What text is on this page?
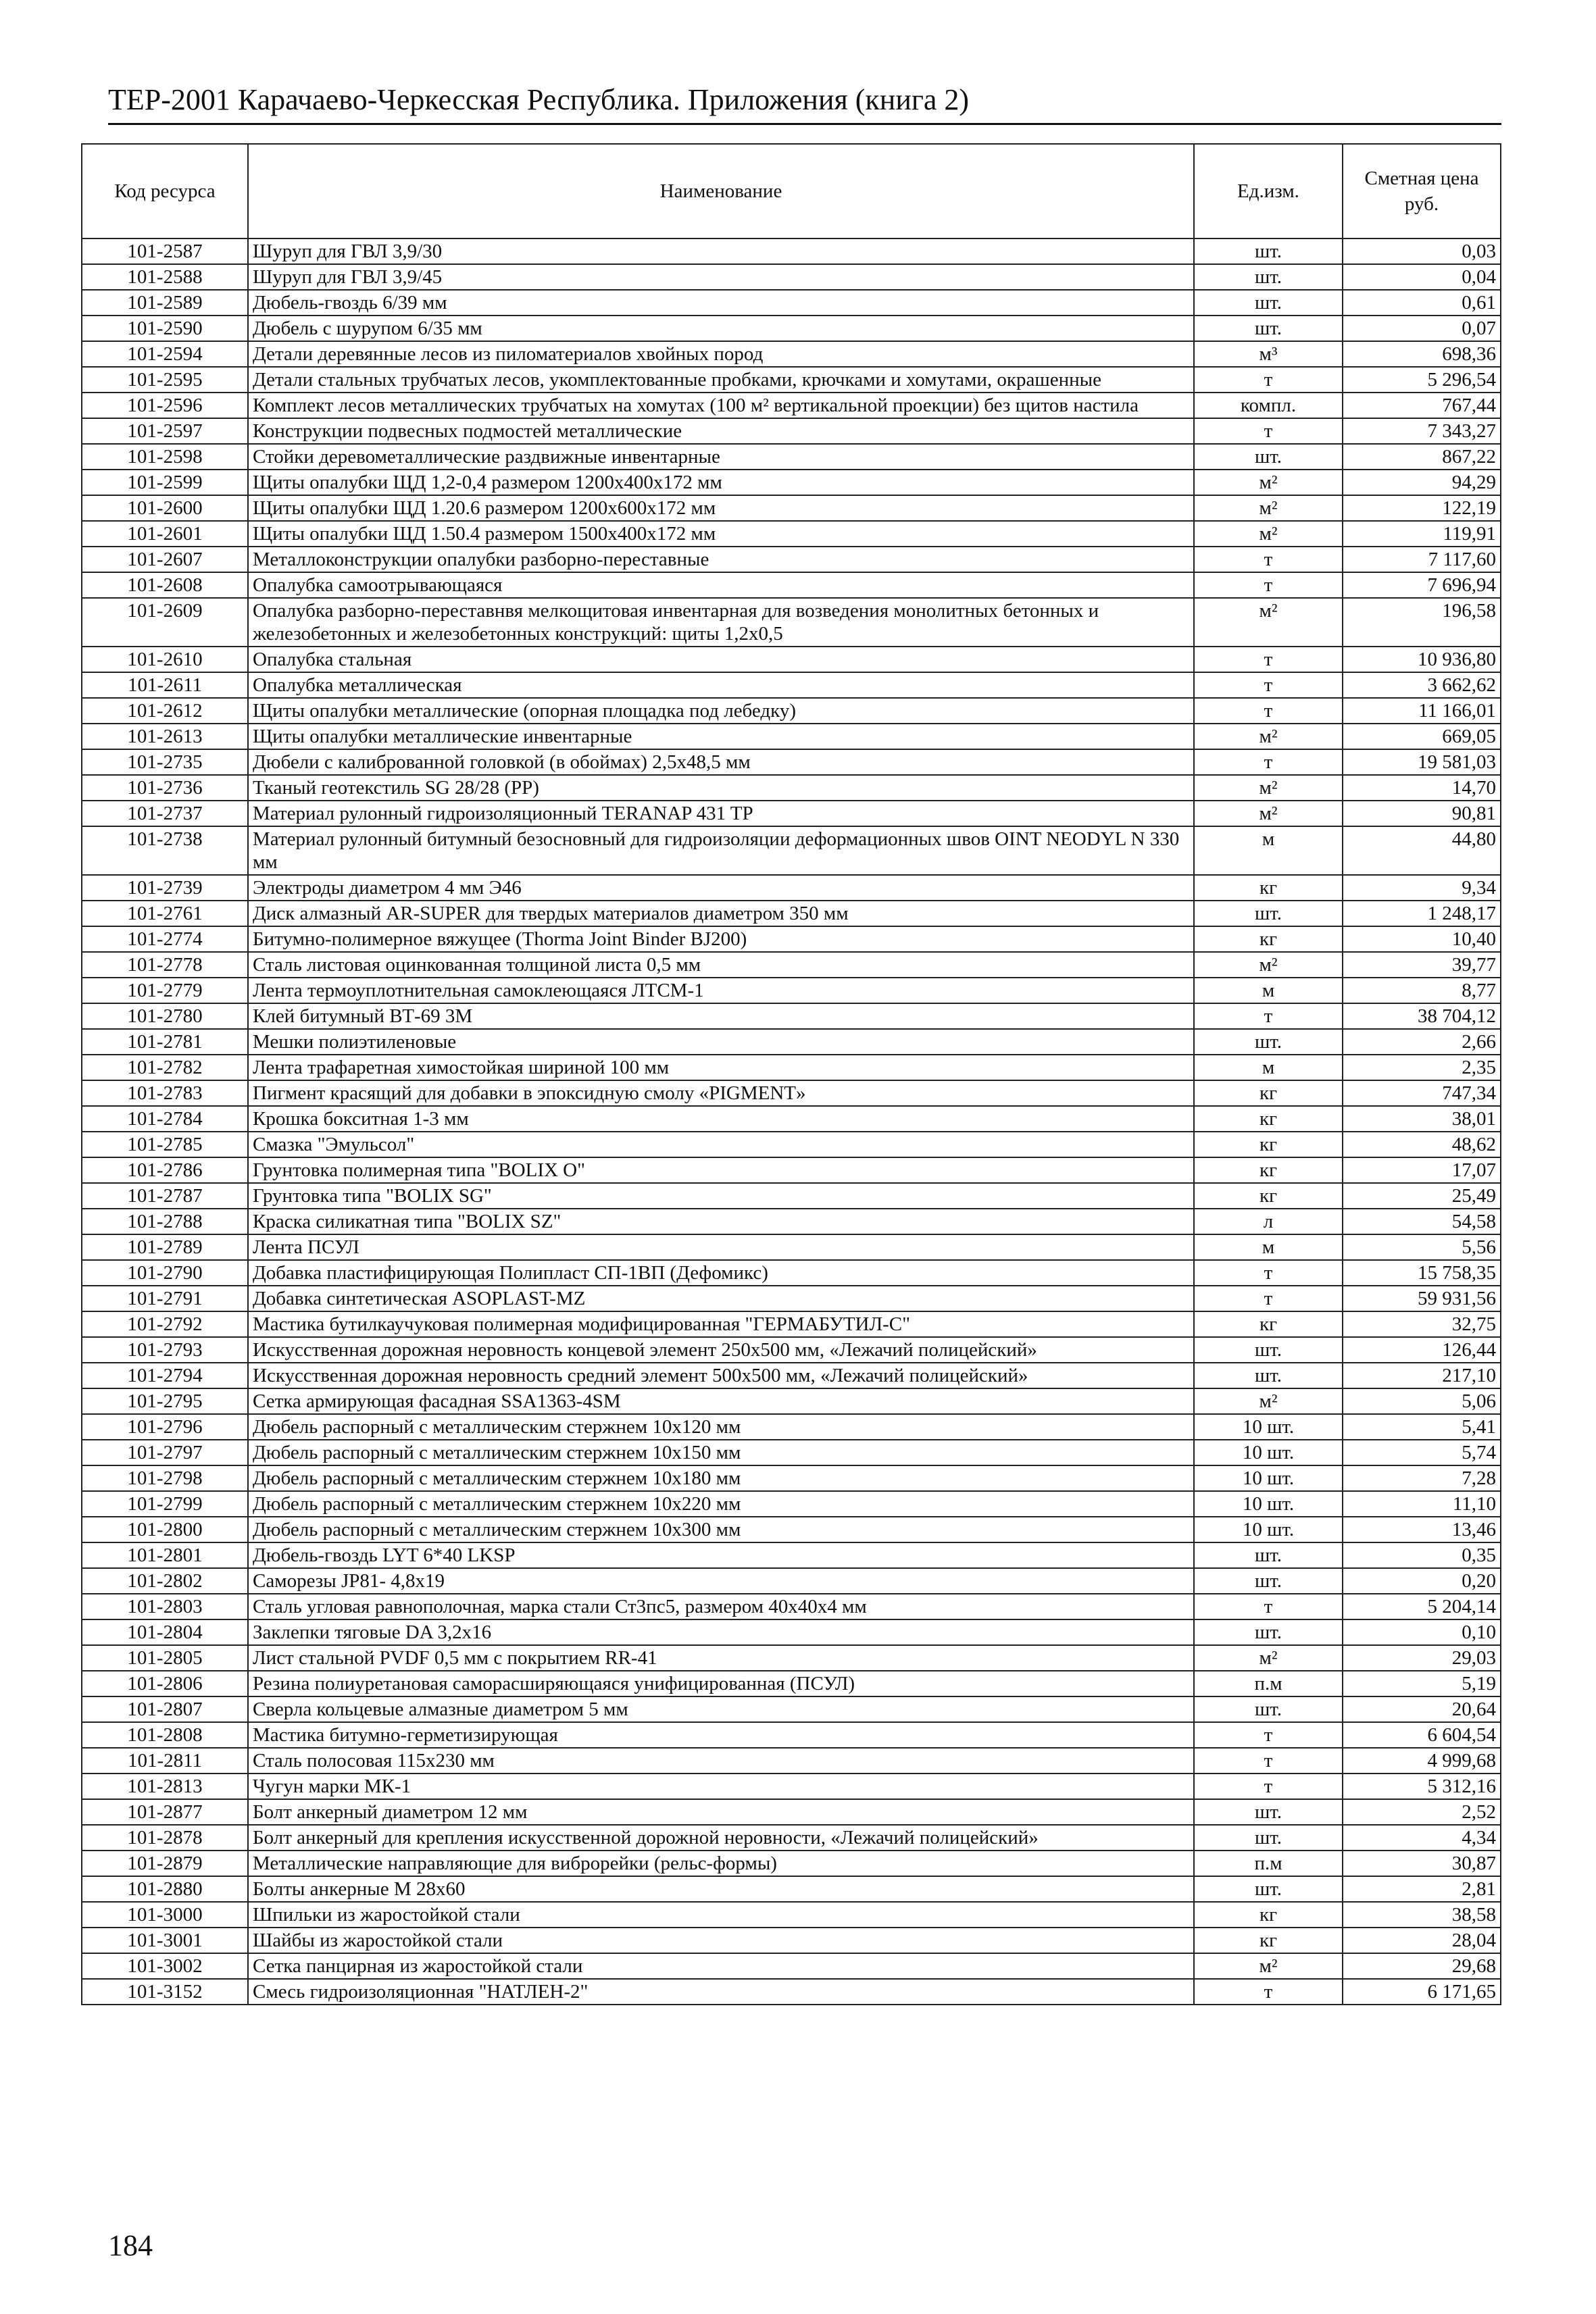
ТЕР-2001 Карачаево-Черкесская Республика. Приложения (книга 2)
Код ресурса	Наименование	Ед.изм.	Сметная цена руб.
101-2587	Шуруп для ГВЛ 3,9/30	шт.	0,03
101-2588	Шуруп для ГВЛ 3,9/45	шт.	0,04
101-2589	Дюбель-гвоздь 6/39 мм	шт.	0,61
101-2590	Дюбель с шурупом 6/35 мм	шт.	0,07
101-2594	Детали деревянные лесов из пиломатериалов хвойных пород	м³	698,36
101-2595	Детали стальных трубчатых лесов, укомплектованные пробками, крючками и хомутами, окрашенные	т	5 296,54
101-2596	Комплект лесов металлических трубчатых на хомутах (100 м² вертикальной проекции) без щитов настила	компл.	767,44
101-2597	Конструкции подвесных подмостей металлические	т	7 343,27
101-2598	Стойки деревометаллические раздвижные инвентарные	шт.	867,22
101-2599	Щиты опалубки ЩД 1,2-0,4 размером 1200x400x172 мм	м²	94,29
101-2600	Щиты опалубки ЩД 1.20.6 размером 1200x600x172 мм	м²	122,19
101-2601	Щиты опалубки ЩД 1.50.4 размером 1500x400x172 мм	м²	119,91
101-2607	Металлоконструкции опалубки разборно-переставные	т	7 117,60
101-2608	Опалубка самоотрывающаяся	т	7 696,94
101-2609	Опалубка разборно-переставнвя мелкощитовая инвентарная для возведения монолитных бетонных и железобетонных и железобетонных конструкций: щиты 1,2x0,5	м²	196,58
101-2610	Опалубка стальная	т	10 936,80
101-2611	Опалубка металлическая	т	3 662,62
101-2612	Щиты опалубки металлические (опорная площадка под лебедку)	т	11 166,01
101-2613	Щиты опалубки металлические инвентарные	м²	669,05
101-2735	Дюбели с калиброванной головкой (в обоймах) 2,5x48,5 мм	т	19 581,03
101-2736	Тканый геотекстиль SG 28/28 (PP)	м²	14,70
101-2737	Материал рулонный гидроизоляционный TERANAP 431 TP	м²	90,81
101-2738	Материал рулонный битумный безосновный для гидроизоляции деформационных швов OINT NEODYL N 330 мм	м	44,80
101-2739	Электроды диаметром 4 мм Э46	кг	9,34
101-2761	Диск алмазный AR-SUPER для твердых материалов диаметром 350 мм	шт.	1 248,17
101-2774	Битумно-полимерное вяжущее (Thorma Joint Binder BJ200)	кг	10,40
101-2778	Сталь листовая оцинкованная толщиной листа 0,5 мм	м²	39,77
101-2779	Лента термоуплотнительная самоклеющаяся ЛТСМ-1	м	8,77
101-2780	Клей битумный ВТ-69 3М	т	38 704,12
101-2781	Мешки полиэтиленовые	шт.	2,66
101-2782	Лента трафаретная химостойкая шириной 100 мм	м	2,35
101-2783	Пигмент красящий для добавки в эпоксидную смолу «PIGMENT»	кг	747,34
101-2784	Крошка бокситная 1-3 мм	кг	38,01
101-2785	Смазка "Эмульсол"	кг	48,62
101-2786	Грунтовка полимерная типа "BOLIX O"	кг	17,07
101-2787	Грунтовка типа "BOLIX SG"	кг	25,49
101-2788	Краска силикатная типа "BOLIX SZ"	л	54,58
101-2789	Лента ПСУЛ	м	5,56
101-2790	Добавка пластифицирующая Полипласт СП-1ВП (Дефомикс)	т	15 758,35
101-2791	Добавка синтетическая ASOPLAST-MZ	т	59 931,56
101-2792	Мастика бутилкаучуковая полимерная модифицированная "ГЕРМАБУТИЛ-С"	кг	32,75
101-2793	Искусственная дорожная неровность концевой элемент 250x500 мм, «Лежачий полицейский»	шт.	126,44
101-2794	Искусственная дорожная неровность средний элемент 500x500 мм, «Лежачий полицейский»	шт.	217,10
101-2795	Сетка армирующая фасадная SSA1363-4SM	м²	5,06
101-2796	Дюбель распорный с металлическим стержнем 10x120 мм	10 шт.	5,41
101-2797	Дюбель распорный с металлическим стержнем 10x150 мм	10 шт.	5,74
101-2798	Дюбель распорный с металлическим стержнем 10x180 мм	10 шт.	7,28
101-2799	Дюбель распорный с металлическим стержнем 10x220 мм	10 шт.	11,10
101-2800	Дюбель распорный с металлическим стержнем 10x300 мм	10 шт.	13,46
101-2801	Дюбель-гвоздь LYT 6*40 LKSP	шт.	0,35
101-2802	Саморезы JP81- 4,8x19	шт.	0,20
101-2803	Сталь угловая равнополочная, марка стали Ст3пс5, размером 40x40x4 мм	т	5 204,14
101-2804	Заклепки тяговые DA 3,2x16	шт.	0,10
101-2805	Лист стальной PVDF 0,5 мм с покрытием RR-41	м²	29,03
101-2806	Резина полиуретановая саморасширяющаяся унифицированная (ПСУЛ)	п.м	5,19
101-2807	Сверла кольцевые алмазные диаметром 5 мм	шт.	20,64
101-2808	Мастика битумно-герметизирующая	т	6 604,54
101-2811	Сталь полосовая 115x230 мм	т	4 999,68
101-2813	Чугун марки МК-1	т	5 312,16
101-2877	Болт анкерный диаметром 12 мм	шт.	2,52
101-2878	Болт анкерный для крепления искусственной дорожной неровности, «Лежачий полицейский»	шт.	4,34
101-2879	Металлические направляющие для виброрейки (рельс-формы)	п.м	30,87
101-2880	Болты анкерные М 28x60	шт.	2,81
101-3000	Шпильки из жаростойкой стали	кг	38,58
101-3001	Шайбы из жаростойкой стали	кг	28,04
101-3002	Сетка панцирная из жаростойкой стали	м²	29,68
101-3152	Смесь гидроизоляционная "НАТЛЕН-2"	т	6 171,65
184
